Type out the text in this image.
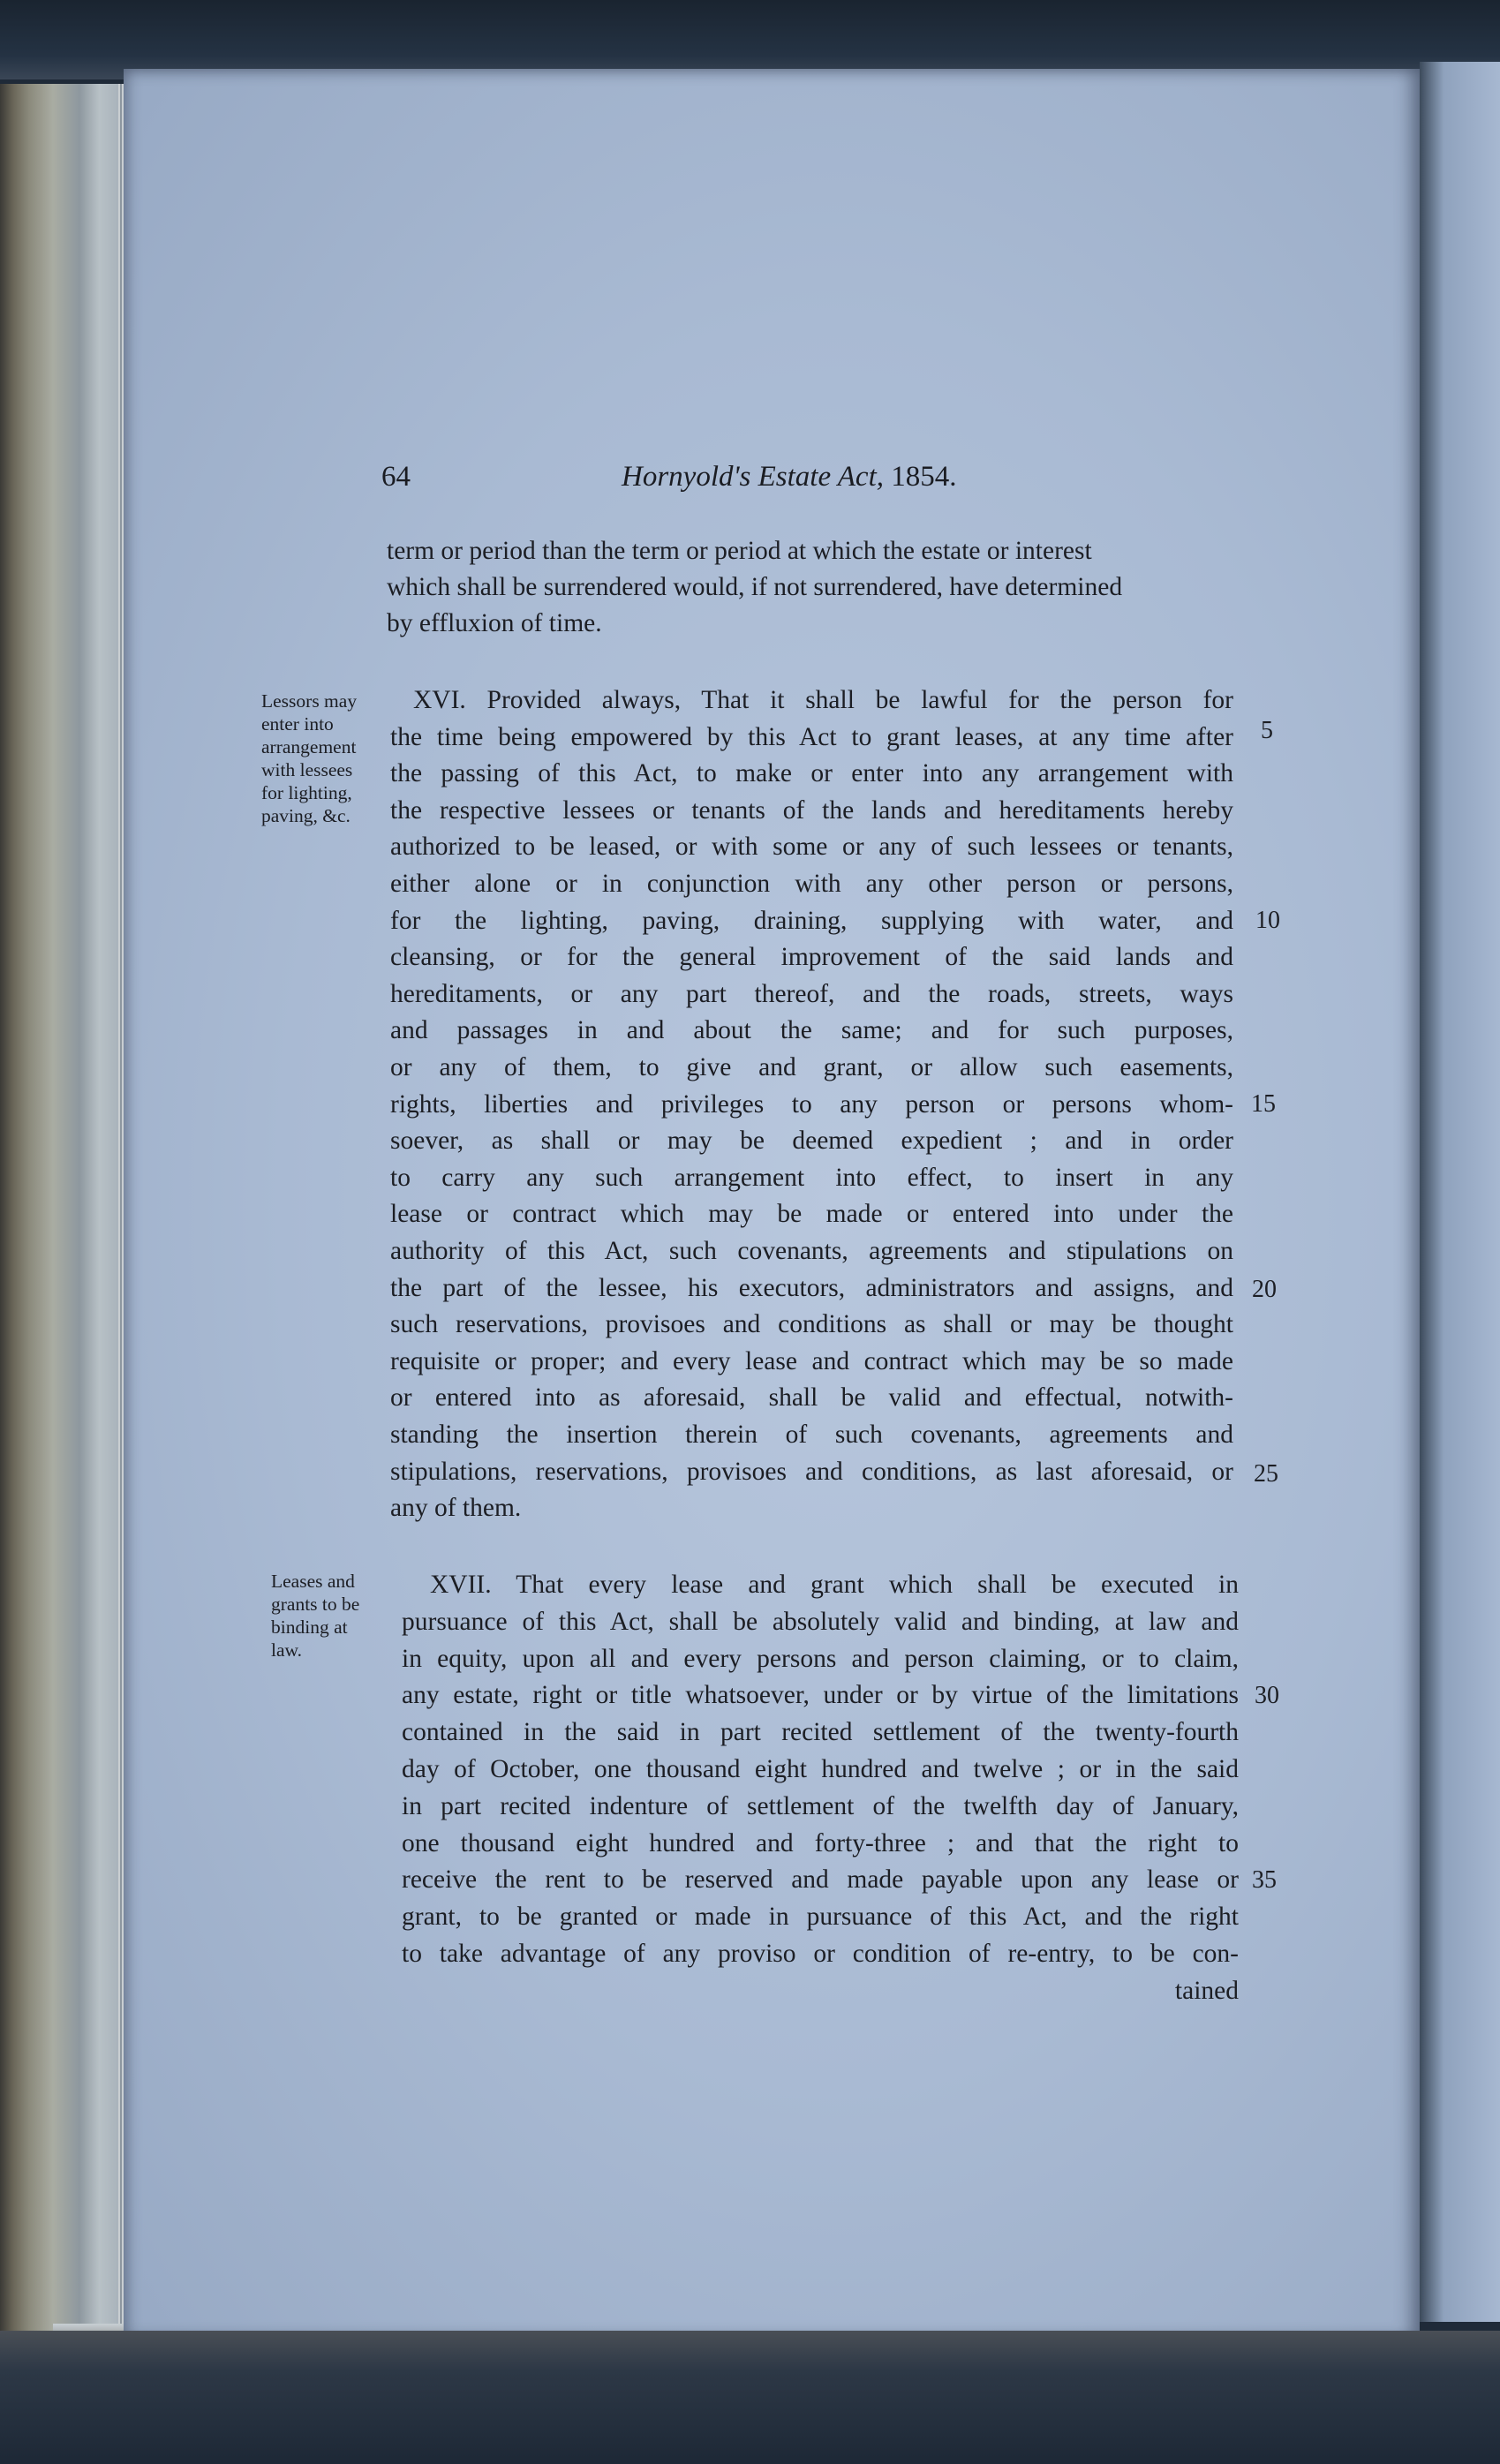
64	Hornyold's Estate Act, 1854.
term or period than the term or period at which the estate or interest
which shall be surrendered would, if not surrendered, have determined
by effluxion of time.
Lessors may
enter into
arrangement
with lessees
for lighting,
paving, &c.
XVI. Provided always, That it shall be lawful for the person for
the time being empowered by this Act to grant leases, at any time after
the passing of this Act, to make or enter into any arrangement with
the respective lessees or tenants of the lands and hereditaments hereby
authorized to be leased, or with some or any of such lessees or tenants,
either alone or in conjunction with any other person or persons,
for the lighting, paving, draining, supplying with water, and
cleansing, or for the general improvement of the said lands and
hereditaments, or any part thereof, and the roads, streets, ways
and passages in and about the same; and for such purposes,
or any of them, to give and grant, or allow such easements,
rights, liberties and privileges to any person or persons whom-
soever, as shall or may be deemed expedient ; and in order
to carry any such arrangement into effect, to insert in any
lease or contract which may be made or entered into under the
authority of this Act, such covenants, agreements and stipulations on
the part of the lessee, his executors, administrators and assigns, and
such reservations, provisoes and conditions as shall or may be thought
requisite or proper; and every lease and contract which may be so made
or entered into as aforesaid, shall be valid and effectual, notwith-
standing the insertion therein of such covenants, agreements and
stipulations, reservations, provisoes and conditions, as last aforesaid, or
any of them.
Leases and
grants to be
binding at
law.
XVII. That every lease and grant which shall be executed in
pursuance of this Act, shall be absolutely valid and binding, at law and
in equity, upon all and every persons and person claiming, or to claim,
any estate, right or title whatsoever, under or by virtue of the limitations
contained in the said in part recited settlement of the twenty-fourth
day of October, one thousand eight hundred and twelve ; or in the said
in part recited indenture of settlement of the twelfth day of January,
one thousand eight hundred and forty-three ; and that the right to
receive the rent to be reserved and made payable upon any lease or
grant, to be granted or made in pursuance of this Act, and the right
to take advantage of any proviso or condition of re-entry, to be con-
tained
5
10
15
20
25
30
35
